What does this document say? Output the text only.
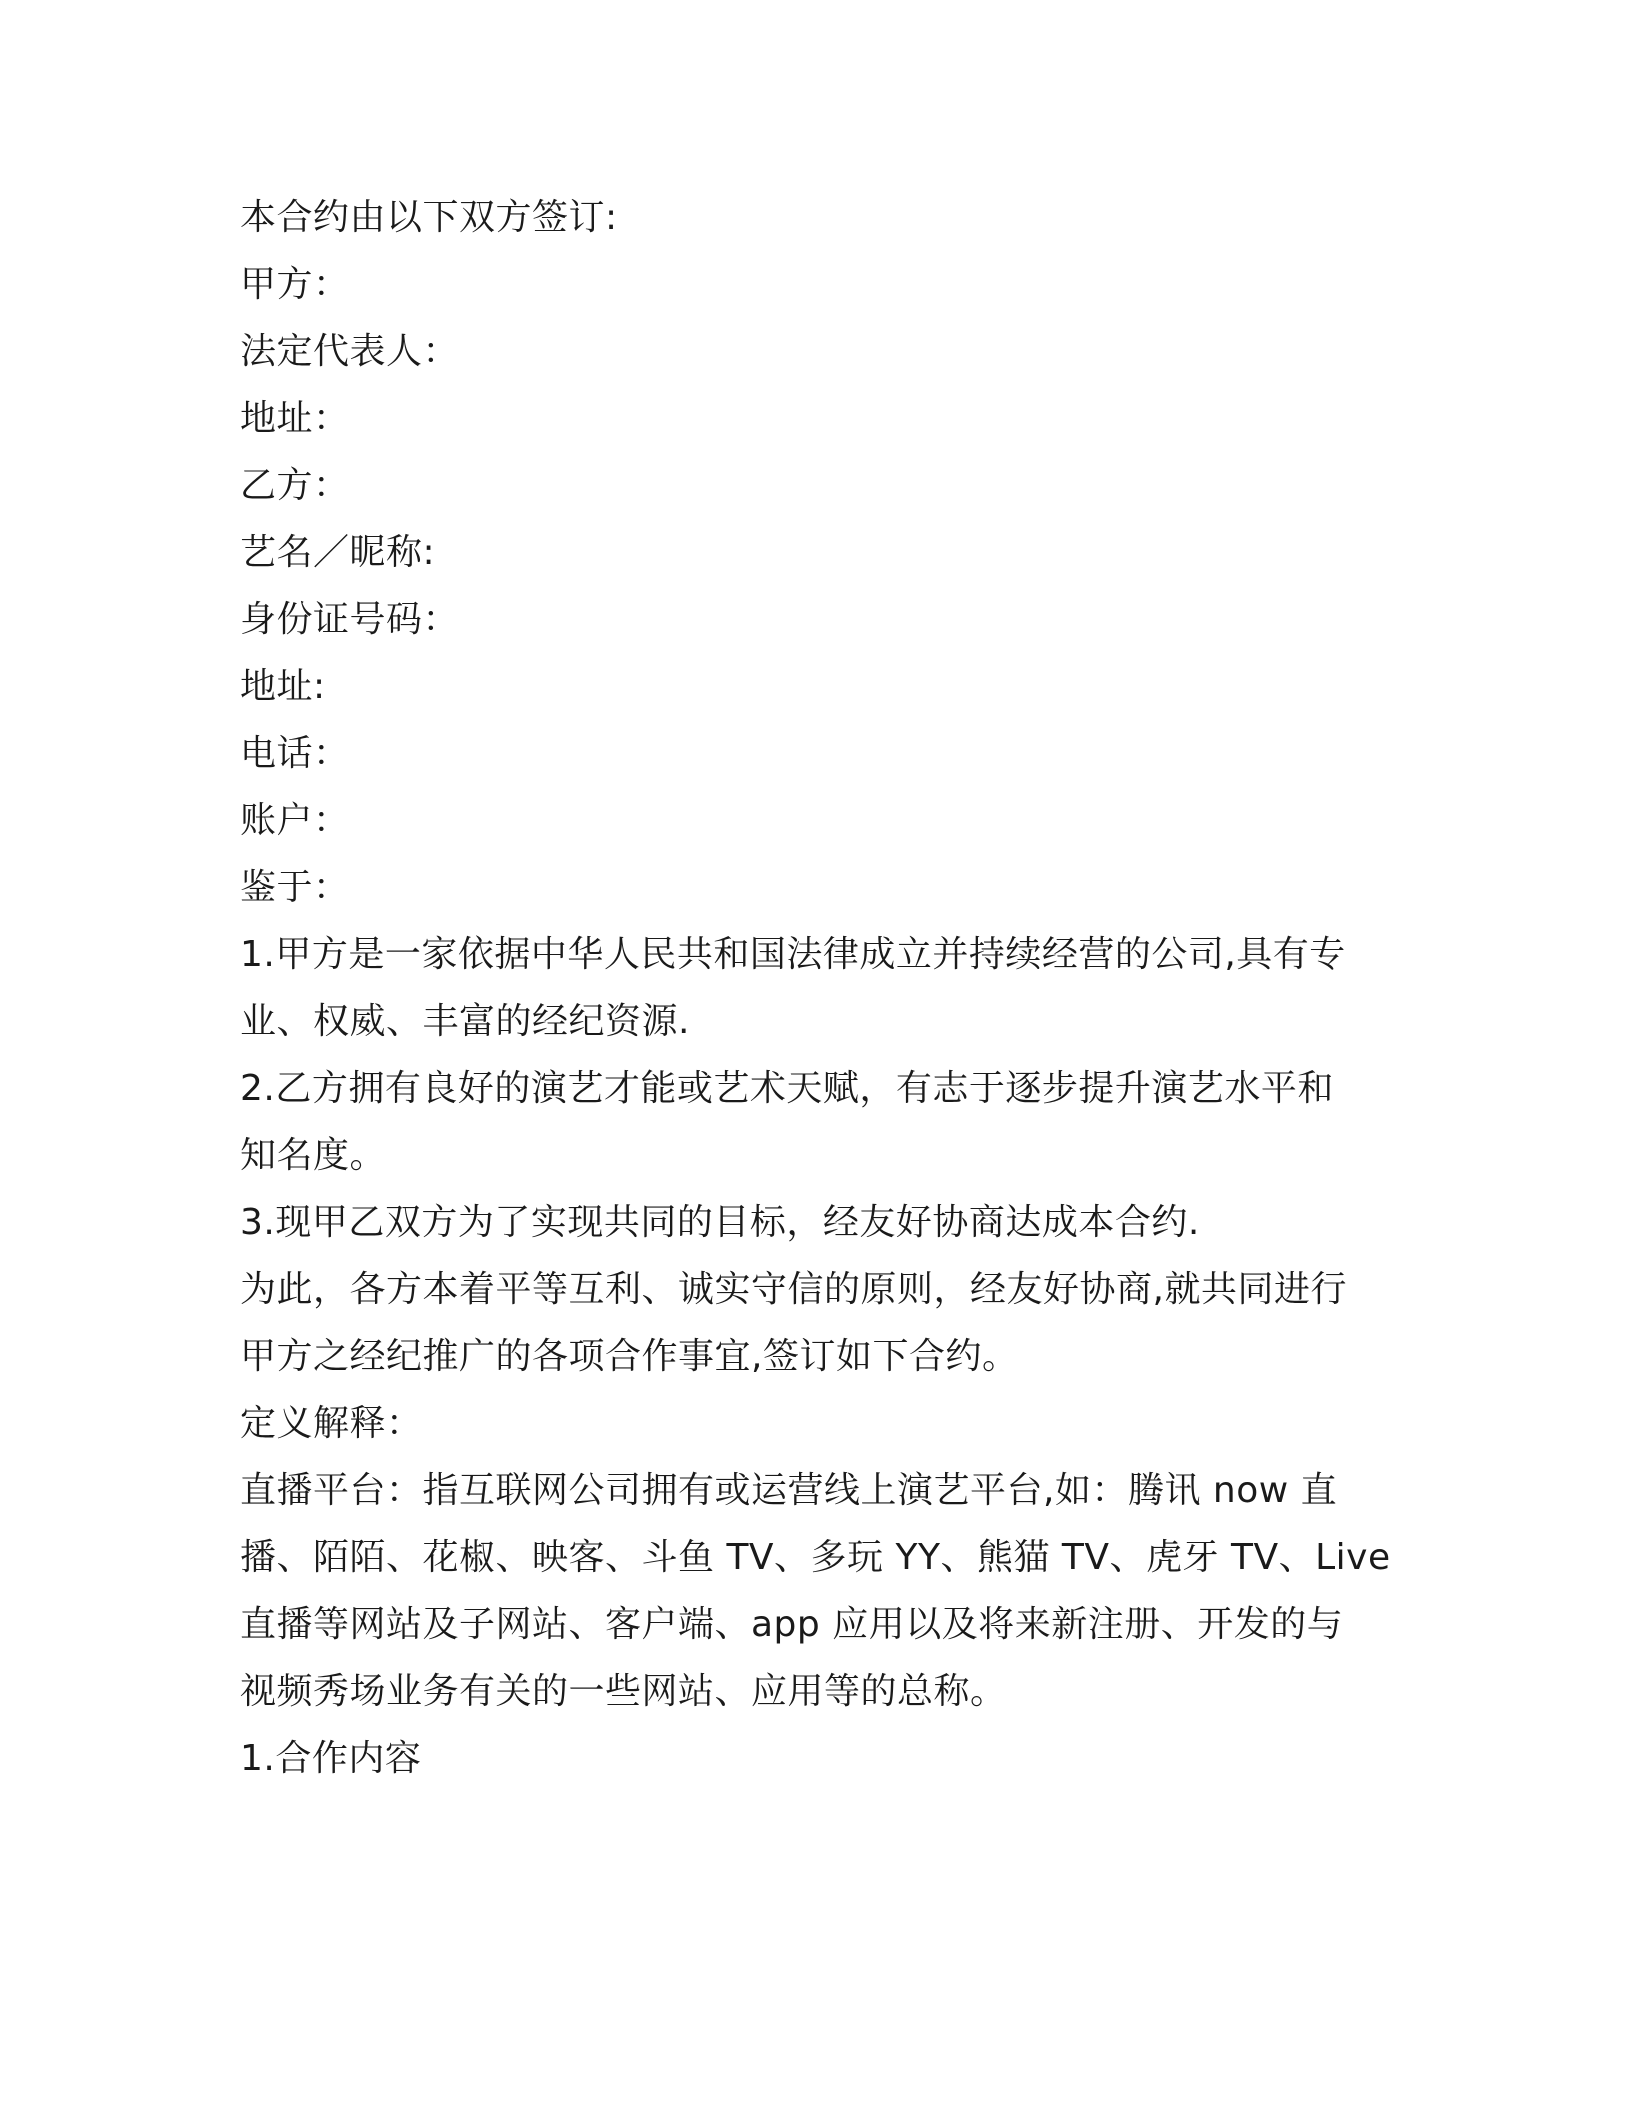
本合约由以下双方签订:
甲方：
法定代表人：
地址：
乙方：
艺名／昵称:
身份证号码：
地址:
电话：
账户：
鉴于：
1.甲方是一家依据中华人民共和国法律成立并持续经营的公司,具有专
业、权威、丰富的经纪资源.
2.乙方拥有良好的演艺才能或艺术天赋，有志于逐步提升演艺水平和
知名度。
3.现甲乙双方为了实现共同的目标，经友好协商达成本合约.
为此，各方本着平等互利、诚实守信的原则，经友好协商,就共同进行
甲方之经纪推广的各项合作事宜,签订如下合约。
定义解释：
直播平台：指互联网公司拥有或运营线上演艺平台,如：腾讯 now 直
播、陌陌、花椒、映客、斗鱼 TV、多玩 YY、熊猫 TV、虎牙 TV、Live
直播等网站及子网站、客户端、app 应用以及将来新注册、开发的与
视频秀场业务有关的一些网站、应用等的总称。
1.合作内容
